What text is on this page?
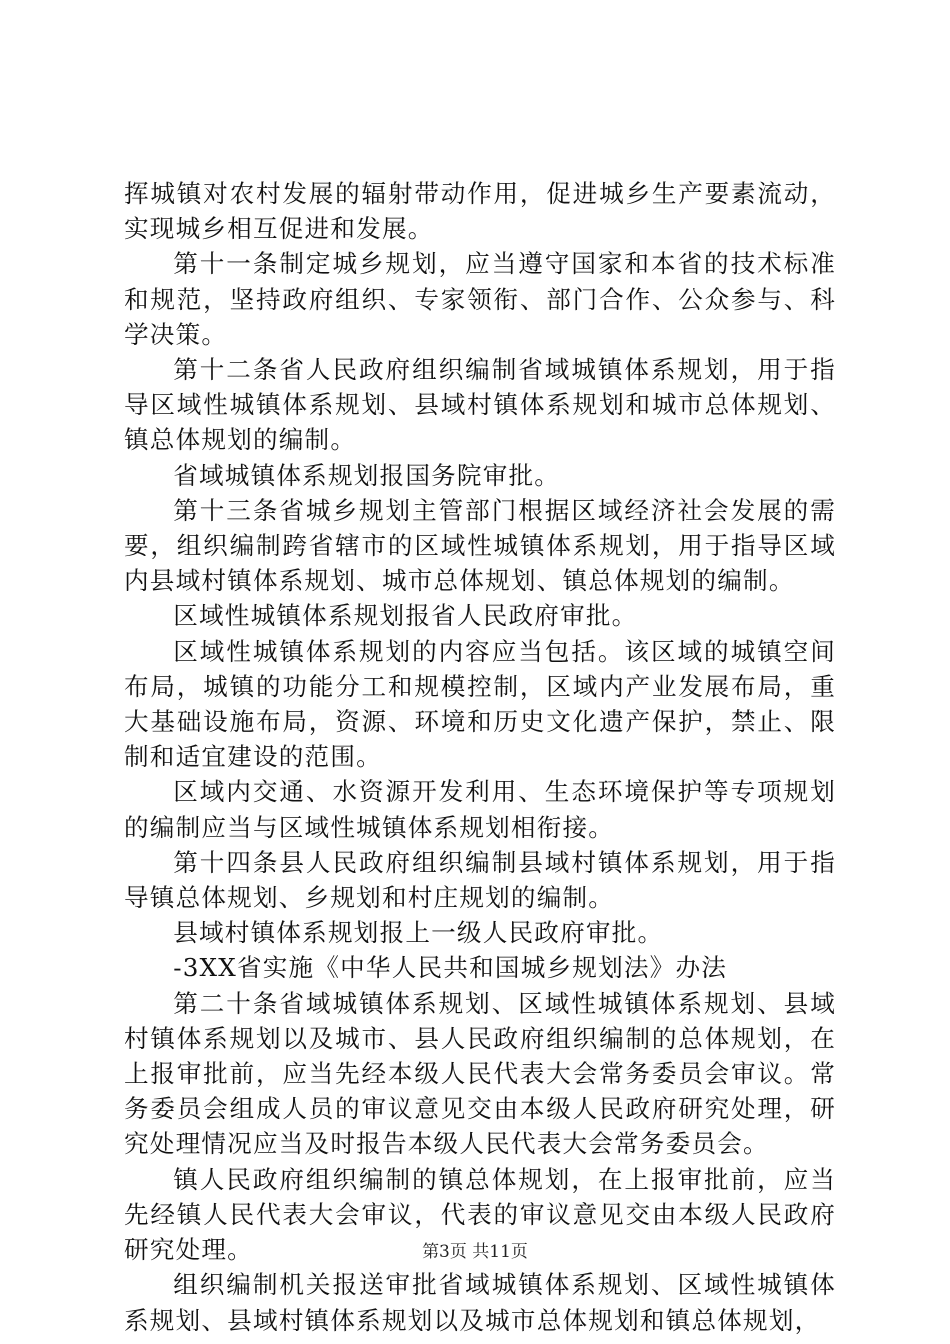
挥城镇对农村发展的辐射带动作用，促进城乡生产要素流动，实现城乡相互促进和发展。

第十一条制定城乡规划，应当遵守国家和本省的技术标准和规范，坚持政府组织、专家领衔、部门合作、公众参与、科学决策。

第十二条省人民政府组织编制省域城镇体系规划，用于指导区域性城镇体系规划、县域村镇体系规划和城市总体规划、镇总体规划的编制。

省域城镇体系规划报国务院审批。

第十三条省城乡规划主管部门根据区域经济社会发展的需要，组织编制跨省辖市的区域性城镇体系规划，用于指导区域内县域村镇体系规划、城市总体规划、镇总体规划的编制。

区域性城镇体系规划报省人民政府审批。

区域性城镇体系规划的内容应当包括。该区域的城镇空间布局，城镇的功能分工和规模控制，区域内产业发展布局，重大基础设施布局，资源、环境和历史文化遗产保护，禁止、限制和适宜建设的范围。

区域内交通、水资源开发利用、生态环境保护等专项规划的编制应当与区域性城镇体系规划相衔接。

第十四条县人民政府组织编制县域村镇体系规划，用于指导镇总体规划、乡规划和村庄规划的编制。

县域村镇体系规划报上一级人民政府审批。

-3XX省实施《中华人民共和国城乡规划法》办法

第二十条省域城镇体系规划、区域性城镇体系规划、县域村镇体系规划以及城市、县人民政府组织编制的总体规划，在上报审批前，应当先经本级人民代表大会常务委员会审议。常务委员会组成人员的审议意见交由本级人民政府研究处理，研究处理情况应当及时报告本级人民代表大会常务委员会。

镇人民政府组织编制的镇总体规划，在上报审批前，应当先经镇人民代表大会审议，代表的审议意见交由本级人民政府研究处理。

组织编制机关报送审批省域城镇体系规划、区域性城镇体系规划、县域村镇体系规划以及城市总体规划和镇总体规划，

第3页 共11页
